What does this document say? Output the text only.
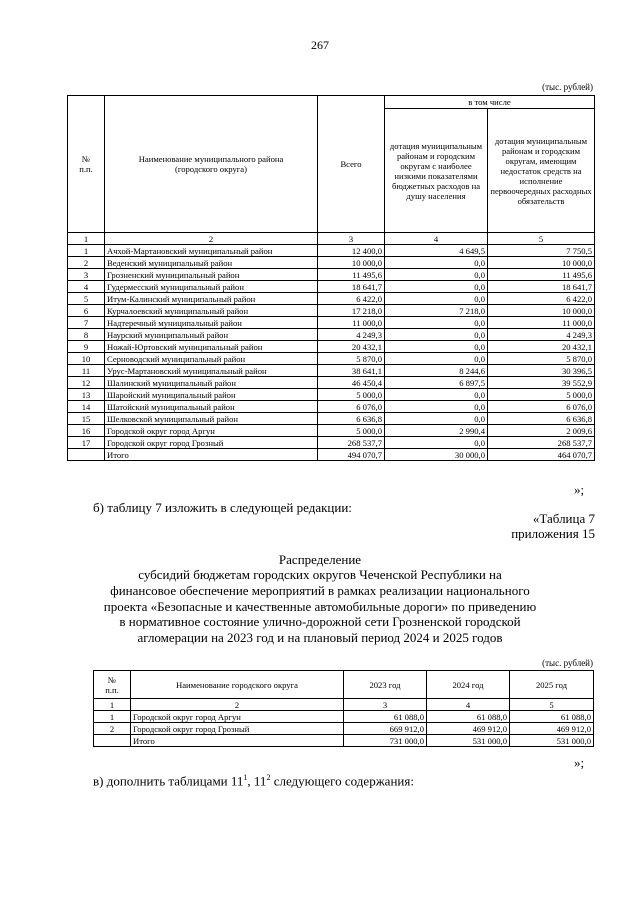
267
(тыс. рублей)
№
п.п.	Наименование муниципального района
(городского округа)	Всего	в том числе	
			дотация муниципальным районам и городским округам с наиболее низкими показателями бюджетных расходов на душу населения	дотация муниципальным районам и городским округам, имеющим недостаток средств на исполнение первоочередных расходных обязательств
1	2	3	4	5
1	Ачхой-Мартановский муниципальный район	12 400,0	4 649,5	7 750,5
2	Веденский муниципальный район	10 000,0	0,0	10 000,0
3	Грозненский муниципальный район	11 495,6	0,0	11 495,6
4	Гудермесский муниципальный район	18 641,7	0,0	18 641,7
5	Итум-Калинский муниципальный район	6 422,0	0,0	6 422,0
6	Курчалоевский муниципальный район	17 218,0	7 218,0	10 000,0
7	Надтеречный муниципальный район	11 000,0	0,0	11 000,0
8	Наурский муниципальный район	4 249,3	0,0	4 249,3
9	Ножай-Юртовский муниципальный район	20 432,1	0,0	20 432,1
10	Серноводский муниципальный район	5 870,0	0,0	5 870,0
11	Урус-Мартановский муниципальный район	38 641,1	8 244,6	30 396,5
12	Шалинский муниципальный район	46 450,4	6 897,5	39 552,9
13	Шаройский муниципальный район	5 000,0	0,0	5 000,0
14	Шатойский муниципальный район	6 076,0	0,0	6 076,0
15	Шелковской муниципальный район	6 636,8	0,0	6 636,8
16	Городской округ город Аргун	5 000,0	2 990,4	2 009,6
17	Городской округ город Грозный	268 537,7	0,0	268 537,7
	Итого	494 070,7	30 000,0	464 070,7
»;
б) таблицу 7 изложить в следующей редакции:
«Таблица 7
приложения 15
Распределение
субсидий бюджетам городских округов Чеченской Республики на
финансовое обеспечение мероприятий в рамках реализации национального
проекта «Безопасные и качественные автомобильные дороги» по приведению
в нормативное состояние улично-дорожной сети Грозненской городской
агломерации на 2023 год и на плановый период 2024 и 2025 годов
(тыс. рублей)
№
п.п.	Наименование городского округа	2023 год	2024 год	2025 год
1	2	3	4	5
1	Городской округ город Аргун	61 088,0	61 088,0	61 088,0
2	Городской округ город Грозный	669 912,0	469 912,0	469 912,0
	Итого	731 000,0	531 000,0	531 000,0
»;
в) дополнить таблицами $11^1$, $11^2$ следующего содержания:
